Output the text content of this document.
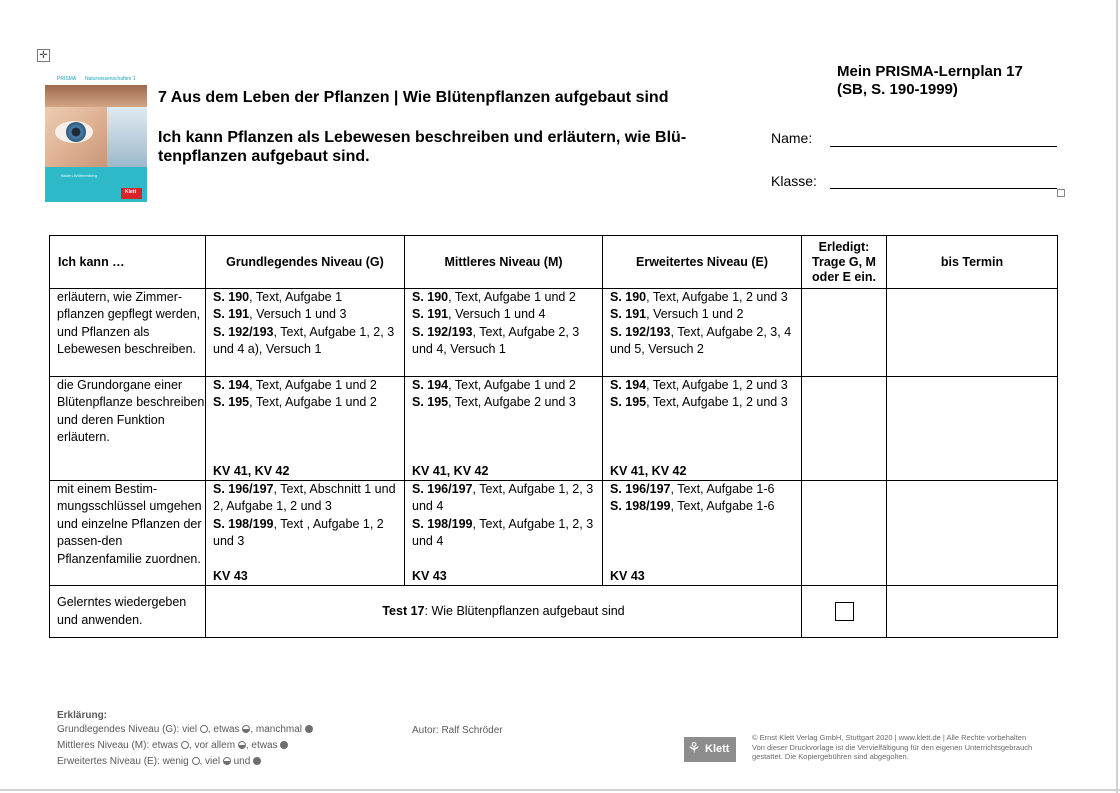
✛
PRISMA Naturwissenschaften 1
Baden-Württemberg
Klett
7 Aus dem Leben der Pflanzen | Wie Blütenpflanzen aufgebaut sind
Ich kann Pflanzen als Lebewesen beschreiben und erläutern, wie Blü-
tenpflanzen aufgebaut sind.
Mein PRISMA-Lernplan 17
(SB, S. 190-1999)
Name:
Klasse:
Ich kann …	Grundlegendes Niveau (G)	Mittleres Niveau (M)	Erweitertes Niveau (E)	Erledigt: Trage G, M oder E ein.	bis Termin
erläutern, wie Zimmer-pflanzen gepflegt werden, und Pflanzen als Lebewesen beschreiben.	S. 190, Text, Aufgabe 1
S. 191, Versuch 1 und 3
S. 192/193, Text, Aufgabe 1, 2, 3 und 4 a), Versuch 1	S. 190, Text, Aufgabe 1 und 2
S. 191, Versuch 1 und 4
S. 192/193, Text, Aufgabe 2, 3 und 4, Versuch 1	S. 190, Text, Aufgabe 1, 2 und 3
S. 191, Versuch 1 und 2
S. 192/193, Text, Aufgabe 2, 3, 4 und 5, Versuch 2		
die Grundorgane einer Blütenpflanze beschreiben und deren Funktion erläutern.	S. 194, Text, Aufgabe 1 und 2
S. 195, Text, Aufgabe 1 und 2
KV 41, KV 42	S. 194, Text, Aufgabe 1 und 2
S. 195, Text, Aufgabe 2 und 3
KV 41, KV 42	S. 194, Text, Aufgabe 1, 2 und 3
S. 195, Text, Aufgabe 1, 2 und 3
KV 41, KV 42		

mit einem Bestim-mungsschlüssel umgehen und einzelne Pflanzen der passen-den Pflanzenfamilie zuordnen.	S. 196/197, Text, Abschnitt 1 und 2, Aufgabe 1, 2 und 3
S. 198/199, Text , Aufgabe 1, 2 und 3
KV 43	S. 196/197, Text, Aufgabe 1, 2, 3 und 4
S. 198/199, Text, Aufgabe 1, 2, 3 und 4
KV 43	S. 196/197, Text, Aufgabe 1-6
S. 198/199, Text, Aufgabe 1-6
KV 43		

Gelerntes wiedergeben und anwenden.	Test 17: Wie Blütenpflanzen aufgebaut sind			

Erklärung:

Grundlegendes Niveau (G): viel , etwas , manchmal

Mittleres Niveau (M): etwas , vor allem , etwas

Erweitertes Niveau (E): wenig , viel  und

Autor: Ralf Schröder
⚘ Klett
© Ernst Klett Verlag GmbH, Stuttgart 2020 | www.klett.de | Alle Rechte vorbehalten
Von dieser Druckvorlage ist die Vervielfältigung für den eigenen Unterrichtsgebrauch
gestattet. Die Kopiergebühren sind abgegolten.
